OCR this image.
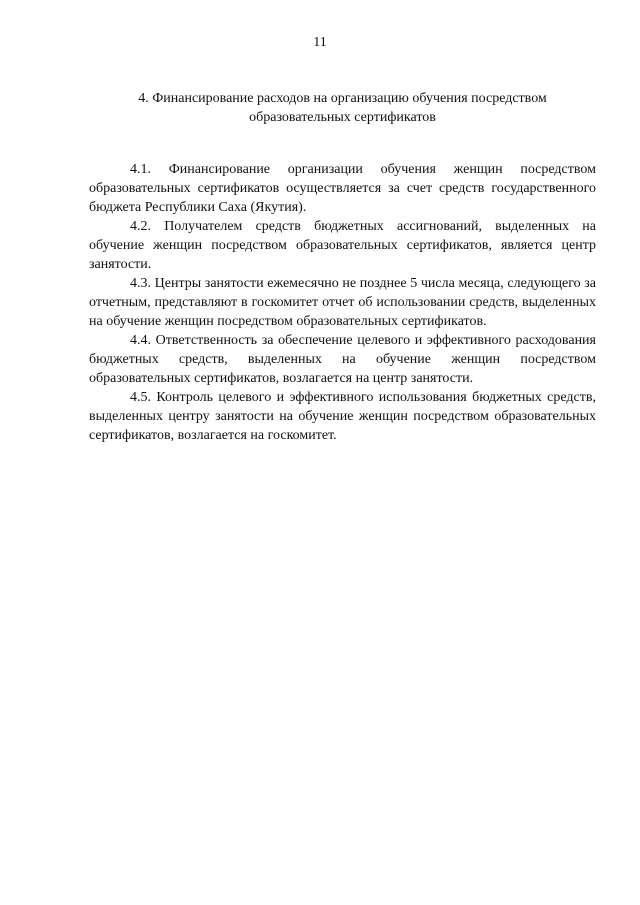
11
4. Финансирование расходов на организацию обучения посредством
образовательных сертификатов

4.1. Финансирование организации обучения женщин посредством образовательных сертификатов осуществляется за счет средств государственного бюджета Республики Саха (Якутия).

4.2. Получателем средств бюджетных ассигнований, выделенных на обучение женщин посредством образовательных сертификатов, является центр занятости.

4.3. Центры занятости ежемесячно не позднее 5 числа месяца, следующего за отчетным, представляют в госкомитет отчет об использовании средств, выделенных на обучение женщин посредством образовательных сертификатов.

4.4. Ответственность за обеспечение целевого и эффективного расходования бюджетных средств, выделенных на обучение женщин посредством образовательных сертификатов, возлагается на центр занятости.

4.5. Контроль целевого и эффективного использования бюджетных средств, выделенных центру занятости на обучение женщин посредством образовательных сертификатов, возлагается на госкомитет.
